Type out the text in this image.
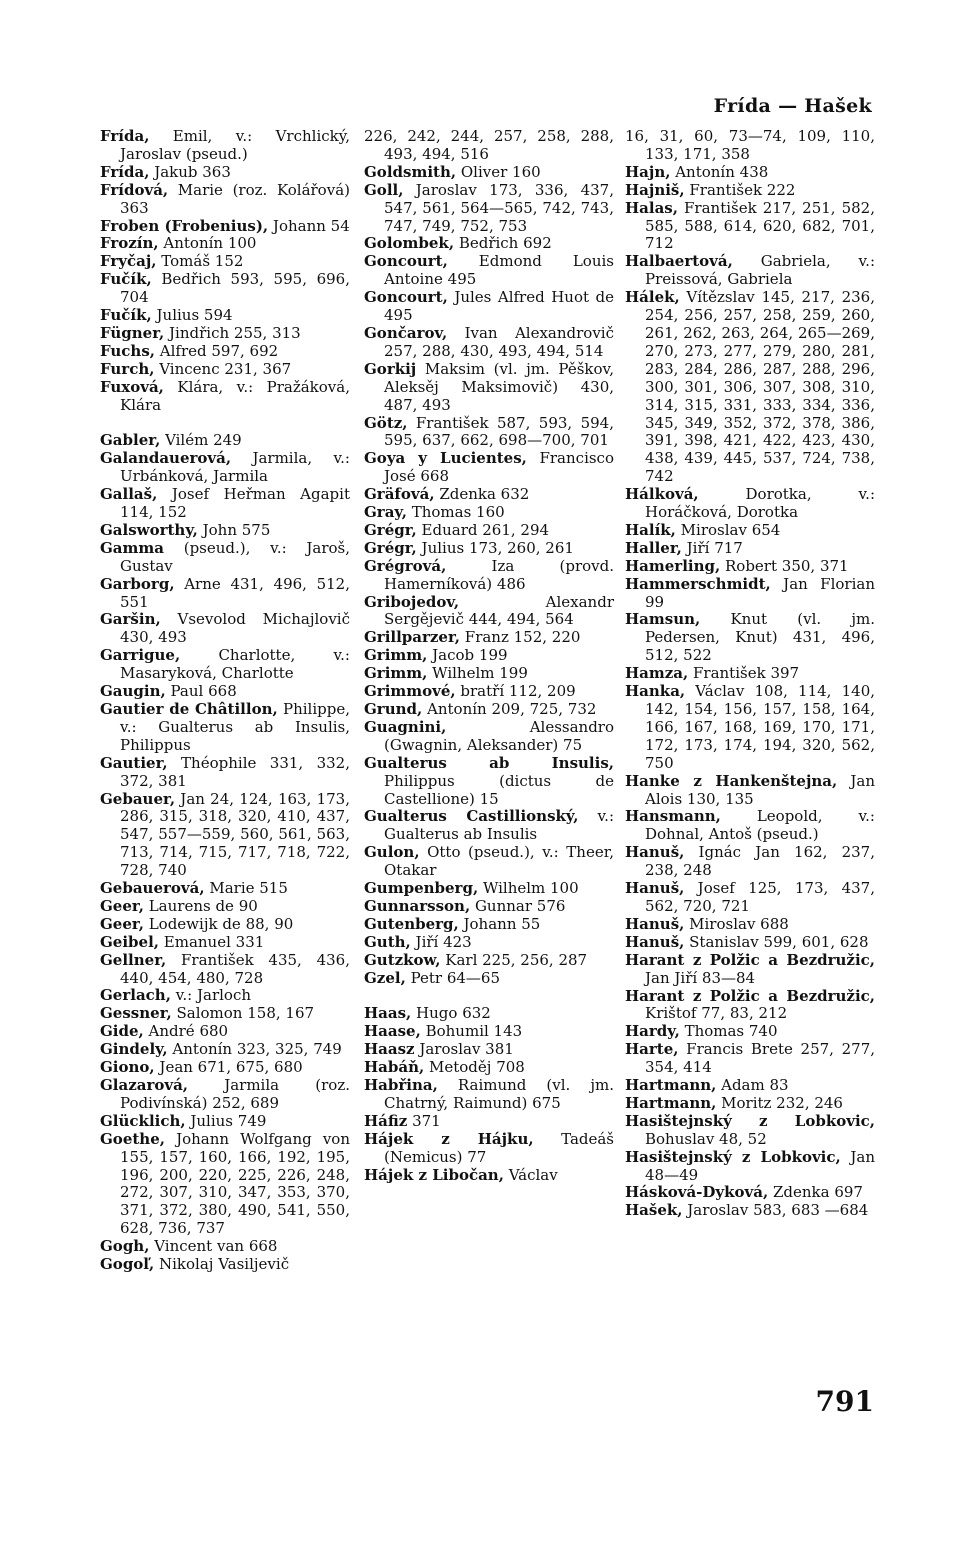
Frída — Hašek
Frída, Emil, v.: Vrchlický, Jaroslav (pseud.)
Frída, Jakub 363
Frídová, Marie (roz. Kolářová) 363
Froben (Frobenius), Johann 54
Frozín, Antonín 100
Fryčaj, Tomáš 152
Fučík, Bedřich 593, 595, 696, 704
Fučík, Julius 594
Fügner, Jindřich 255, 313
Fuchs, Alfred 597, 692
Furch, Vincenc 231, 367
Fuxová, Klára, v.: Pražáková, Klára
Gabler, Vilém 249
Galandauerová, Jarmila, v.: Urbánková, Jarmila
Gallaš, Josef Heřman Agapit 114, 152
Galsworthy, John 575
Gamma (pseud.), v.: Jaroš, Gustav
Garborg, Arne 431, 496, 512, 551
Garšin, Vsevolod Michajlovič 430, 493
Garrigue, Charlotte, v.: Masaryková, Charlotte
Gaugin, Paul 668
Gautier de Châtillon, Philippe, v.: Gualterus ab Insulis, Philippus
Gautier, Théophile 331, 332, 372, 381
Gebauer, Jan 24, 124, 163, 173, 286, 315, 318, 320, 410, 437, 547, 557—559, 560, 561, 563, 713, 714, 715, 717, 718, 722, 728, 740
Gebauerová, Marie 515
Geer, Laurens de 90
Geer, Lodewijk de 88, 90
Geibel, Emanuel 331
Gellner, František 435, 436, 440, 454, 480, 728
Gerlach, v.: Jarloch
Gessner, Salomon 158, 167
Gide, André 680
Gindely, Antonín 323, 325, 749
Giono, Jean 671, 675, 680
Glazarová, Jarmila (roz. Podivínská) 252, 689
Glücklich, Julius 749
Goethe, Johann Wolfgang von 155, 157, 160, 166, 192, 195, 196, 200, 220, 225, 226, 248, 272, 307, 310, 347, 353, 370, 371, 372, 380, 490, 541, 550, 628, 736, 737
Gogh, Vincent van 668
Gogoľ, Nikolaj Vasiljevič
226, 242, 244, 257, 258, 288, 493, 494, 516
Goldsmith, Oliver 160
Goll, Jaroslav 173, 336, 437, 547, 561, 564—565, 742, 743, 747, 749, 752, 753
Golombek, Bedřich 692
Goncourt, Edmond Louis Antoine 495
Goncourt, Jules Alfred Huot de 495
Gončarov, Ivan Alexandrovič 257, 288, 430, 493, 494, 514
Gorkij Maksim (vl. jm. Pěškov, Aleksěj Maksimovič) 430, 487, 493
Götz, František 587, 593, 594, 595, 637, 662, 698—700, 701
Goya y Lucientes, Francisco José 668
Gräfová, Zdenka 632
Gray, Thomas 160
Grégr, Eduard 261, 294
Grégr, Julius 173, 260, 261
Grégrová, Iza (provd. Hamerníková) 486
Gribojedov, Alexandr Sergějevič 444, 494, 564
Grillparzer, Franz 152, 220
Grimm, Jacob 199
Grimm, Wilhelm 199
Grimmové, bratří 112, 209
Grund, Antonín 209, 725, 732
Guagnini, Alessandro (Gwagnin, Aleksander) 75
Gualterus ab Insulis, Philippus (dictus de Castellione) 15
Gualterus Castillionský, v.: Gualterus ab Insulis
Gulon, Otto (pseud.), v.: Theer, Otakar
Gumpenberg, Wilhelm 100
Gunnarsson, Gunnar 576
Gutenberg, Johann 55
Guth, Jiří 423
Gutzkow, Karl 225, 256, 287
Gzel, Petr 64—65
Haas, Hugo 632
Haase, Bohumil 143
Haasz Jaroslav 381
Habáň, Metoděj 708
Habřina, Raimund (vl. jm. Chatrný, Raimund) 675
Háfiz 371
Hájek z Hájku, Tadeáš (Nemicus) 77
Hájek z Libočan, Václav
16, 31, 60, 73—74, 109, 110, 133, 171, 358
Hajn, Antonín 438
Hajniš, František 222
Halas, František 217, 251, 582, 585, 588, 614, 620, 682, 701, 712
Halbaertová, Gabriela, v.: Preissová, Gabriela
Hálek, Vítězslav 145, 217, 236, 254, 256, 257, 258, 259, 260, 261, 262, 263, 264, 265—269, 270, 273, 277, 279, 280, 281, 283, 284, 286, 287, 288, 296, 300, 301, 306, 307, 308, 310, 314, 315, 331, 333, 334, 336, 345, 349, 352, 372, 378, 386, 391, 398, 421, 422, 423, 430, 438, 439, 445, 537, 724, 738, 742
Hálková, Dorotka, v.: Horáčková, Dorotka
Halík, Miroslav 654
Haller, Jiří 717
Hamerling, Robert 350, 371
Hammerschmidt, Jan Florian 99
Hamsun, Knut (vl. jm. Pedersen, Knut) 431, 496, 512, 522
Hamza, František 397
Hanka, Václav 108, 114, 140, 142, 154, 156, 157, 158, 164, 166, 167, 168, 169, 170, 171, 172, 173, 174, 194, 320, 562, 750
Hanke z Hankenštejna, Jan Alois 130, 135
Hansmann, Leopold, v.: Dohnal, Antoš (pseud.)
Hanuš, Ignác Jan 162, 237, 238, 248
Hanuš, Josef 125, 173, 437, 562, 720, 721
Hanuš, Miroslav 688
Hanuš, Stanislav 599, 601, 628
Harant z Polžic a Bezdružic, Jan Jiří 83—84
Harant z Polžic a Bezdružic, Krištof 77, 83, 212
Hardy, Thomas 740
Harte, Francis Brete 257, 277, 354, 414
Hartmann, Adam 83
Hartmann, Moritz 232, 246
Hasištejnský z Lobkovic, Bohuslav 48, 52
Hasištejnský z Lobkovic, Jan 48—49
Hásková-Dyková, Zdenka 697
Hašek, Jaroslav 583, 683 —684
791
